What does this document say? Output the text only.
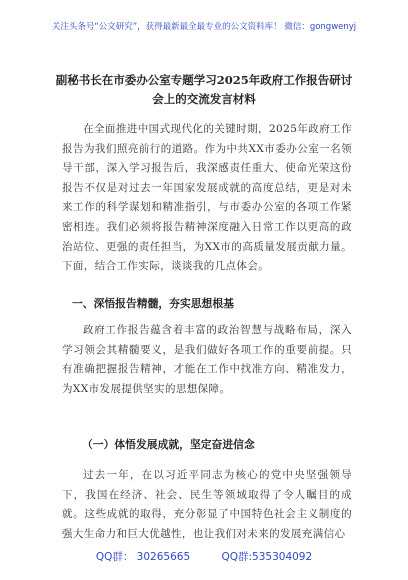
关注头条号“公文研究”，获得最新最全最专业的公文资料库！ 微信：gongwenyj
副秘书长在市委办公室专题学习2025年政府工作报告研讨
会上的交流发言材料

在全面推进中国式现代化的关键时期，2025年政府工作报告为我们照亮前行的道路。作为中共XX市委办公室一名领导干部，深入学习报告后，我深感责任重大、使命光荣这份报告不仅是对过去一年国家发展成就的高度总结，更是对未来工作的科学谋划和精准指引，与市委办公室的各项工作紧密相连。我们必须将报告精神深度融入日常工作以更高的政治站位、更强的责任担当，为XX市的高质量发展贡献力量。下面，结合工作实际，谈谈我的几点体会。

一、深悟报告精髓，夯实思想根基

政府工作报告蕴含着丰富的政治智慧与战略布局，深入学习领会其精髓要义，是我们做好各项工作的重要前提。只有准确把握报告精神，才能在工作中找准方向、精准发力，为XX市发展提供坚实的思想保障。

（一）体悟发展成就，坚定奋进信念

过去一年，在以习近平同志为核心的党中央坚强领导下，我国在经济、社会、民生等领域取得了令人瞩目的成就。这些成就的取得，充分彰显了中国特色社会主义制度的强大生命力和巨大优越性，也让我们对未来的发展充满信心

QQ群： 30265665	QQ群:535304092
